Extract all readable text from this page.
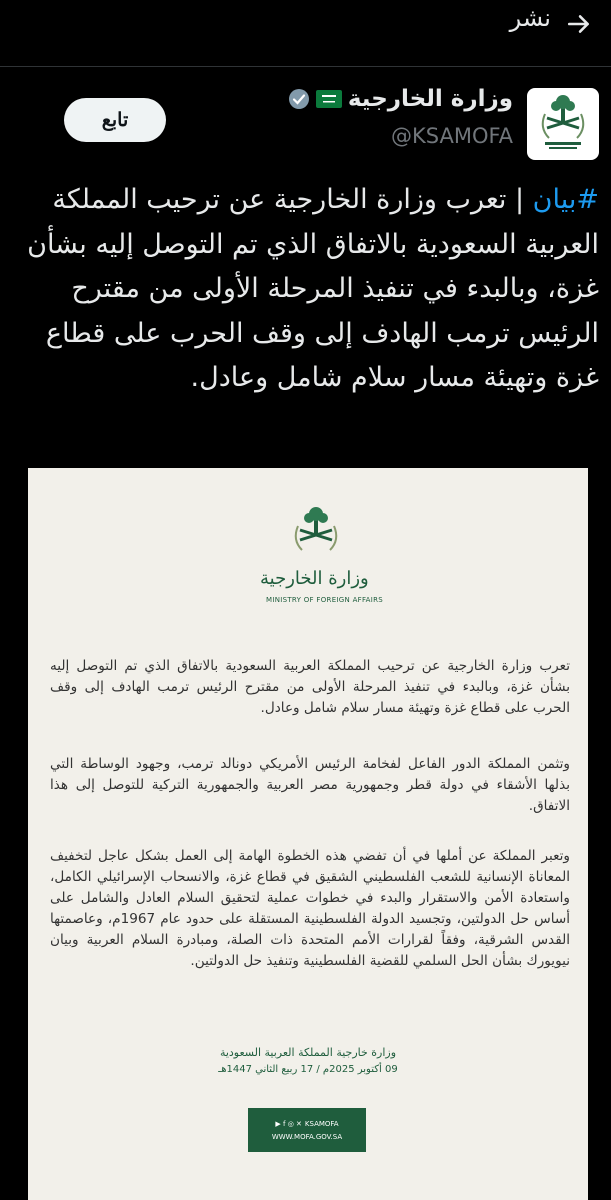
نشر
وزارة الخارجية
@KSAMOFA
تابع
#بيان | تعرب وزارة الخارجية عن ترحيب المملكة العربية السعودية بالاتفاق الذي تم التوصل إليه بشأن غزة، وبالبدء في تنفيذ المرحلة الأولى من مقترح الرئيس ترمب الهادف إلى وقف الحرب على قطاع غزة وتهيئة مسار سلام شامل وعادل.
وزارة الخارجية
MINISTRY OF FOREIGN AFFAIRS
تعرب وزارة الخارجية عن ترحيب المملكة العربية السعودية بالاتفاق الذي تم التوصل إليه بشأن غزة، وبالبدء في تنفيذ المرحلة الأولى من مقترح الرئيس ترمب الهادف إلى وقف الحرب على قطاع غزة وتهيئة مسار سلام شامل وعادل.
وتثمن المملكة الدور الفاعل لفخامة الرئيس الأمريكي دونالد ترمب، وجهود الوساطة التي بذلها الأشقاء في دولة قطر وجمهورية مصر العربية والجمهورية التركية للتوصل إلى هذا الاتفاق.
وتعبر المملكة عن أملها في أن تفضي هذه الخطوة الهامة إلى العمل بشكل عاجل لتخفيف المعاناة الإنسانية للشعب الفلسطيني الشقيق في قطاع غزة، والانسحاب الإسرائيلي الكامل، واستعادة الأمن والاستقرار والبدء في خطوات عملية لتحقيق السلام العادل والشامل على أساس حل الدولتين، وتجسيد الدولة الفلسطينية المستقلة على حدود عام 1967م، وعاصمتها القدس الشرقية، وفقاً لقرارات الأمم المتحدة ذات الصلة، ومبادرة السلام العربية وبيان نيويورك بشأن الحل السلمي للقضية الفلسطينية وتنفيذ حل الدولتين.
وزارة خارجية المملكة العربية السعودية
09 أكتوبر 2025م / 17 ربيع الثاني 1447هـ
▶ f ◎ ✕ KSAMOFA
WWW.MOFA.GOV.SA
